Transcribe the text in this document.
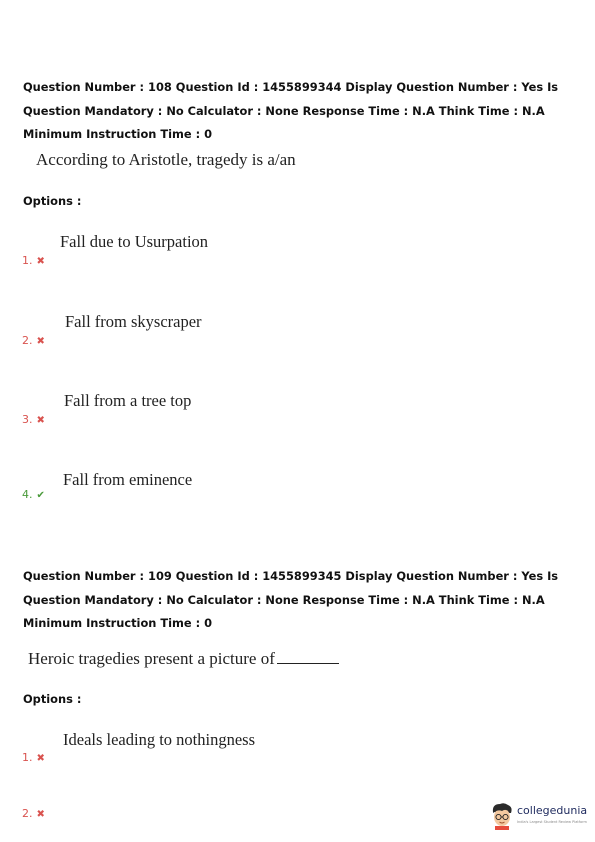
Question Number : 108 Question Id : 1455899344 Display Question Number : Yes Is Question Mandatory : No Calculator : None Response Time : N.A Think Time : N.A Minimum Instruction Time : 0
According to Aristotle, tragedy is a/an
Options :
Fall due to Usurpation
1. ✖
Fall from skyscraper
2. ✖
Fall from a tree top
3. ✖
Fall from eminence
4. ✔
Question Number : 109 Question Id : 1455899345 Display Question Number : Yes Is Question Mandatory : No Calculator : None Response Time : N.A Think Time : N.A Minimum Instruction Time : 0
Heroic tragedies present a picture of
Options :
Ideals leading to nothingness
1. ✖
2. ✖	collegedunia
India's Largest Student Review Platform
